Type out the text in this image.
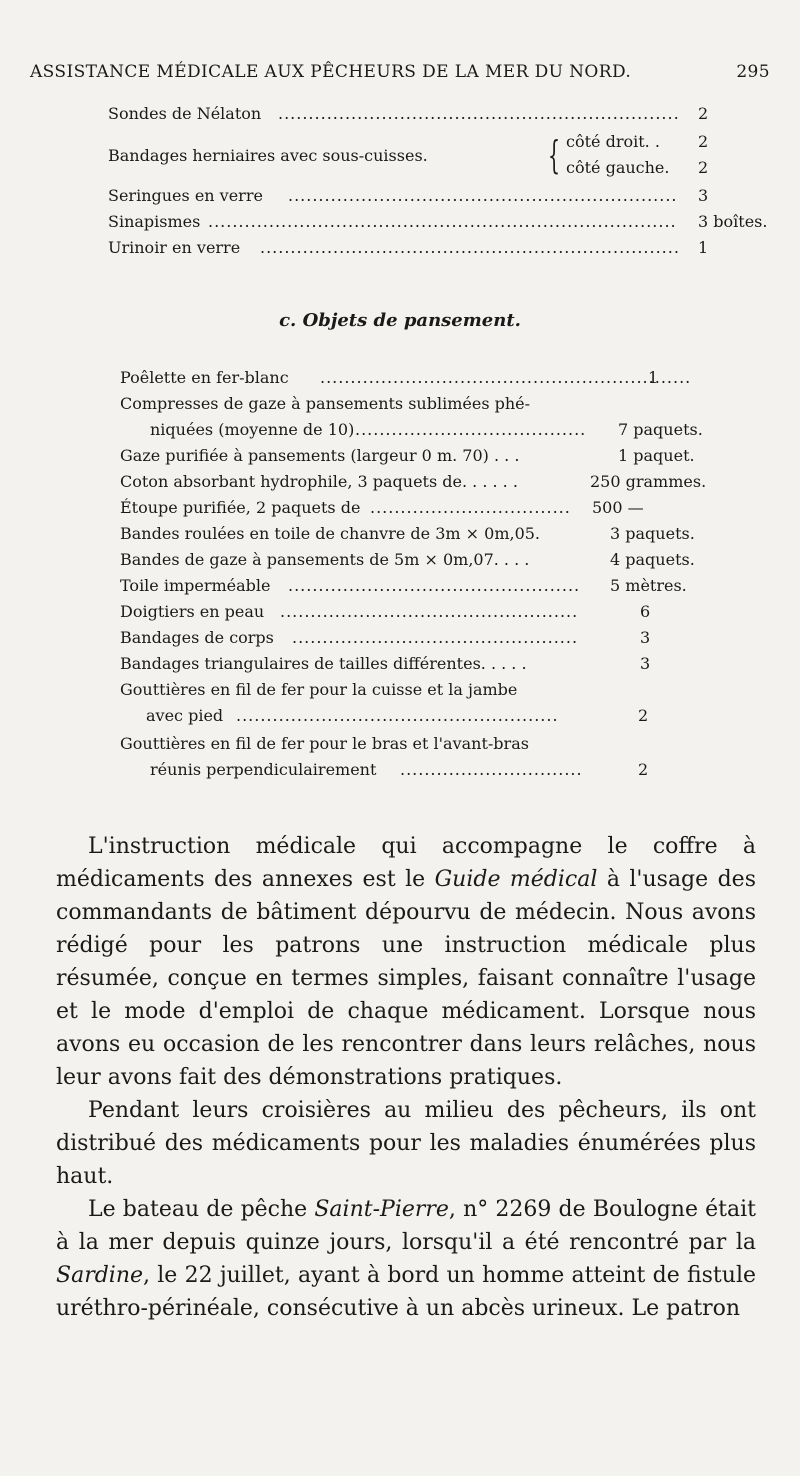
ASSISTANCE MÉDICALE AUX PÊCHEURS DE LA MER DU NORD.	295
Sondes de Nélaton .....	2
Bandages herniaires avec sous-cuisses.	{ côté droit. . 2
côté gauche. 2
Seringues en verre .....	3
Sinapismes .....	3 boîtes.
Urinoir en verre .....	1
c. Objets de pansement.
Poêlette en fer-blanc .....	1
Compresses de gaze à pansements sublimées phé-
niquées (moyenne de 10) .....	7 paquets.
Gaze purifiée à pansements (largeur 0 m. 70) . . .	1 paquet.
Coton absorbant hydrophile, 3 paquets de. . . . . .	250 grammes.
Étoupe purifiée, 2 paquets de .....	500 —
Bandes roulées en toile de chanvre de 3m × 0m,05.	3 paquets.
Bandes de gaze à pansements de 5m × 0m,07. . . .	4 paquets.
Toile imperméable .....	5 mètres.
Doigtiers en peau .....	6
Bandages de corps .....	3
Bandages triangulaires de tailles différentes. . . . .	3
Gouttières en fil de fer pour la cuisse et la jambe
avec pied .....	2
Gouttières en fil de fer pour le bras et l'avant-bras
réunis perpendiculairement .....	2

L'instruction médicale qui accompagne le coffre à médicaments des annexes est le Guide médical à l'usage des commandants de bâtiment dépourvu de médecin. Nous avons rédigé pour les patrons une instruction médicale plus résumée, conçue en termes simples, faisant connaître l'usage et le mode d'emploi de chaque médicament. Lorsque nous avons eu occasion de les rencontrer dans leurs relâches, nous leur avons fait des démonstrations pratiques.

Pendant leurs croisières au milieu des pêcheurs, ils ont distribué des médicaments pour les maladies énumérées plus haut.

Le bateau de pêche Saint-Pierre, n° 2269 de Boulogne était à la mer depuis quinze jours, lorsqu'il a été rencontré par la Sardine, le 22 juillet, ayant à bord un homme atteint de fistule uréthro-périnéale, consécutive à un abcès urineux. Le patron
